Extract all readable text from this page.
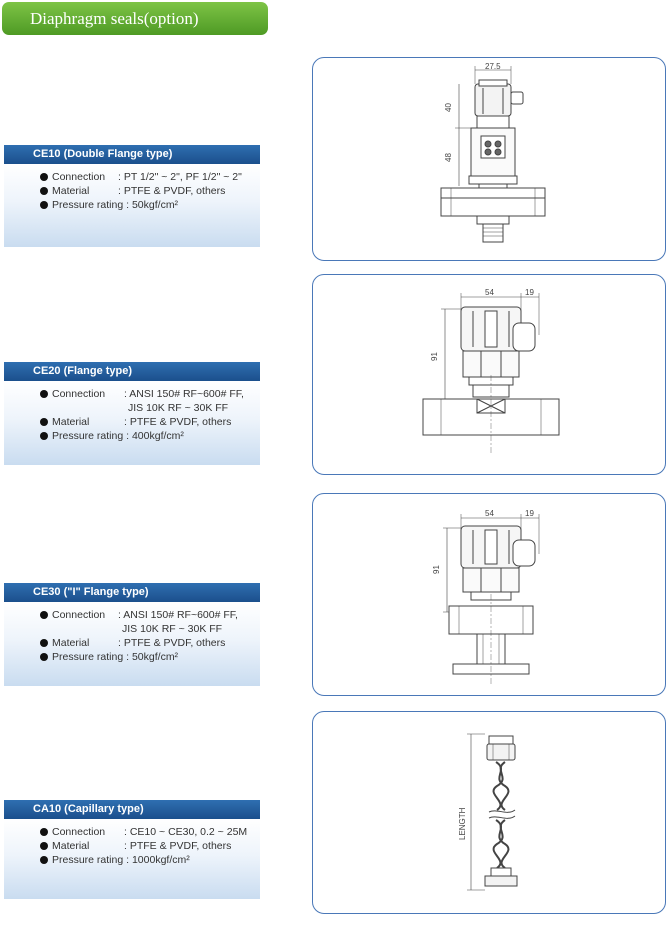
Diaphragm seals(option)
CE10 (Double Flange type)
Connection : PT 1/2" ~ 2", PF 1/2" ~ 2"
Material	: PTFE & PVDF, others
Pressure rating : 50kgf/cm²
CE20 (Flange type)
Connection : ANSI 150# RF~600# FF,
JIS 10K RF ~ 30K FF
Material	: PTFE & PVDF, others
Pressure rating : 400kgf/cm²
CE30 ("I" Flange type)
Connection : ANSI 150# RF~600# FF,
JIS 10K RF ~ 30K FF
Material	: PTFE & PVDF, others
Pressure rating : 50kgf/cm²
CA10 (Capillary type)
Connection : CE10 ~ CE30, 0.2 ~ 25M
Material	: PTFE & PVDF, others
Pressure rating : 1000kgf/cm²
27.5
40
48
54	19
91
54	19
91
LENGTH
